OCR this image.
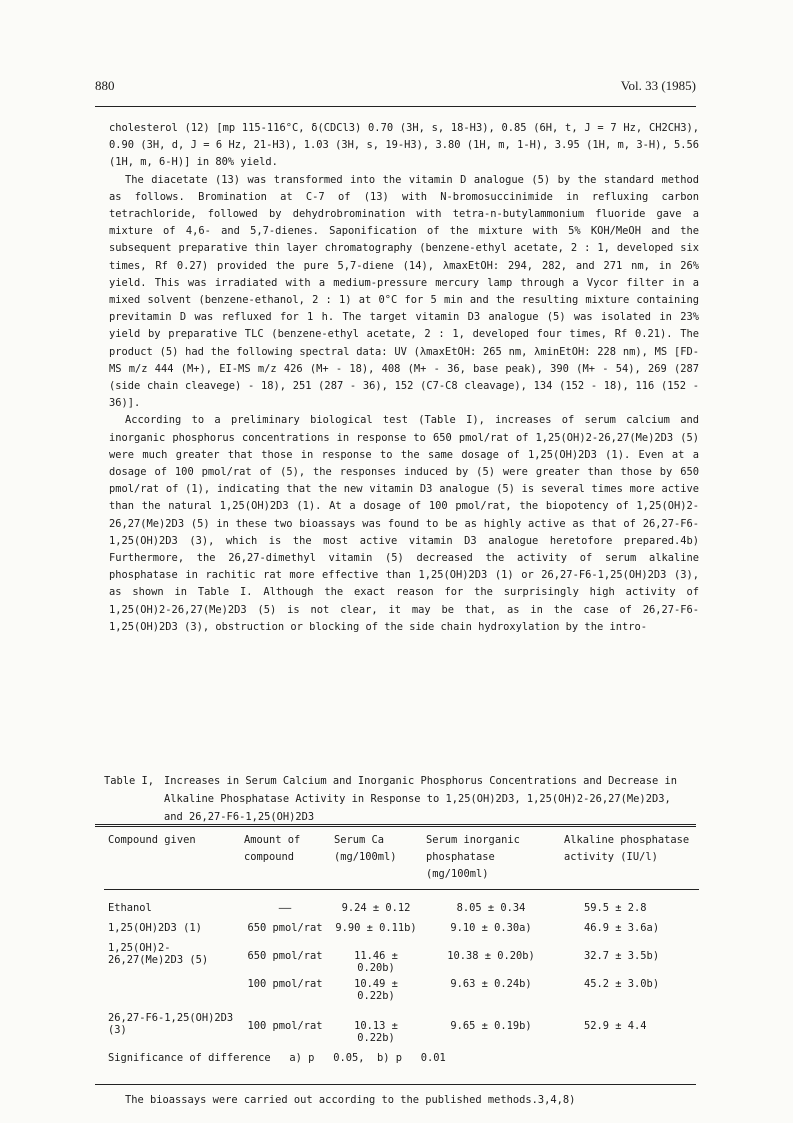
880	Vol. 33 (1985)

cholesterol (12) [mp 115-116°C, δ(CDCl3) 0.70 (3H, s, 18-H3), 0.85 (6H, t, J = 7 Hz, CH2CH3), 0.90 (3H, d, J = 6 Hz, 21-H3), 1.03 (3H, s, 19-H3), 3.80 (1H, m, 1-H), 3.95 (1H, m, 3-H), 5.56 (1H, m, 6-H)] in 80% yield.

The diacetate (13) was transformed into the vitamin D analogue (5) by the standard method as follows. Bromination at C-7 of (13) with N-bromosuccinimide in refluxing carbon tetrachloride, followed by dehydrobromination with tetra-n-butylammonium fluoride gave a mixture of 4,6- and 5,7-dienes. Saponification of the mixture with 5% KOH/MeOH and the subsequent preparative thin layer chromatography (benzene-ethyl acetate, 2 : 1, developed six times, Rf 0.27) provided the pure 5,7-diene (14), λmaxEtOH: 294, 282, and 271 nm, in 26% yield. This was irradiated with a medium-pressure mercury lamp through a Vycor filter in a mixed solvent (benzene-ethanol, 2 : 1) at 0°C for 5 min and the resulting mixture containing previtamin D was refluxed for 1 h. The target vitamin D3 analogue (5) was isolated in 23% yield by preparative TLC (benzene-ethyl acetate, 2 : 1, developed four times, Rf 0.21). The product (5) had the following spectral data: UV (λmaxEtOH: 265 nm, λminEtOH: 228 nm), MS [FD-MS m/z 444 (M+), EI-MS m/z 426 (M+ - 18), 408 (M+ - 36, base peak), 390 (M+ - 54), 269 (287 (side chain cleavege) - 18), 251 (287 - 36), 152 (C7-C8 cleavage), 134 (152 - 18), 116 (152 - 36)].

According to a preliminary biological test (Table I), increases of serum calcium and inorganic phosphorus concentrations in response to 650 pmol/rat of 1,25(OH)2-26,27(Me)2D3 (5) were much greater that those in response to the same dosage of 1,25(OH)2D3 (1). Even at a dosage of 100 pmol/rat of (5), the responses induced by (5) were greater than those by 650 pmol/rat of (1), indicating that the new vitamin D3 analogue (5) is several times more active than the natural 1,25(OH)2D3 (1). At a dosage of 100 pmol/rat, the biopotency of 1,25(OH)2-26,27(Me)2D3 (5) in these two bioassays was found to be as highly active as that of 26,27-F6-1,25(OH)2D3 (3), which is the most active vitamin D3 analogue heretofore prepared.4b) Furthermore, the 26,27-dimethyl vitamin (5) decreased the activity of serum alkaline phosphatase in rachitic rat more effective than 1,25(OH)2D3 (1) or 26,27-F6-1,25(OH)2D3 (3), as shown in Table I. Although the exact reason for the surprisingly high activity of 1,25(OH)2-26,27(Me)2D3 (5) is not clear, it may be that, as in the case of 26,27-F6-1,25(OH)2D3 (3), obstruction or blocking of the side chain hydroxylation by the intro-

Table I, Increases in Serum Calcium and Inorganic Phosphorus Concentrations and Decrease in Alkaline Phosphatase Activity in Response to 1,25(OH)2D3, 1,25(OH)2-26,27(Me)2D3, and 26,27-F6-1,25(OH)2D3
Compound given	Amount of compound	Serum Ca (mg/100ml)	Serum inorganic phosphatase (mg/100ml)	Alkaline phosphatase activity (IU/l)
Ethanol	——	9.24 ± 0.12	8.05 ± 0.34	59.5 ± 2.8
1,25(OH)2D3 (1)	650 pmol/rat	9.90 ± 0.11b)	9.10 ± 0.30a)	46.9 ± 3.6a)
1,25(OH)2-26,27(Me)2D3 (5)	650 pmol/rat	11.46 ± 0.20b)	10.38 ± 0.20b)	32.7 ± 3.5b)
	100 pmol/rat	10.49 ± 0.22b)	9.63 ± 0.24b)	45.2 ± 3.0b)
26,27-F6-1,25(OH)2D3 (3)	100 pmol/rat	10.13 ± 0.22b)	9.65 ± 0.19b)	52.9 ± 4.4
Significance of difference   a) p   0.05,  b) p   0.01				
The bioassays were carried out according to the published methods.3,4,8)
